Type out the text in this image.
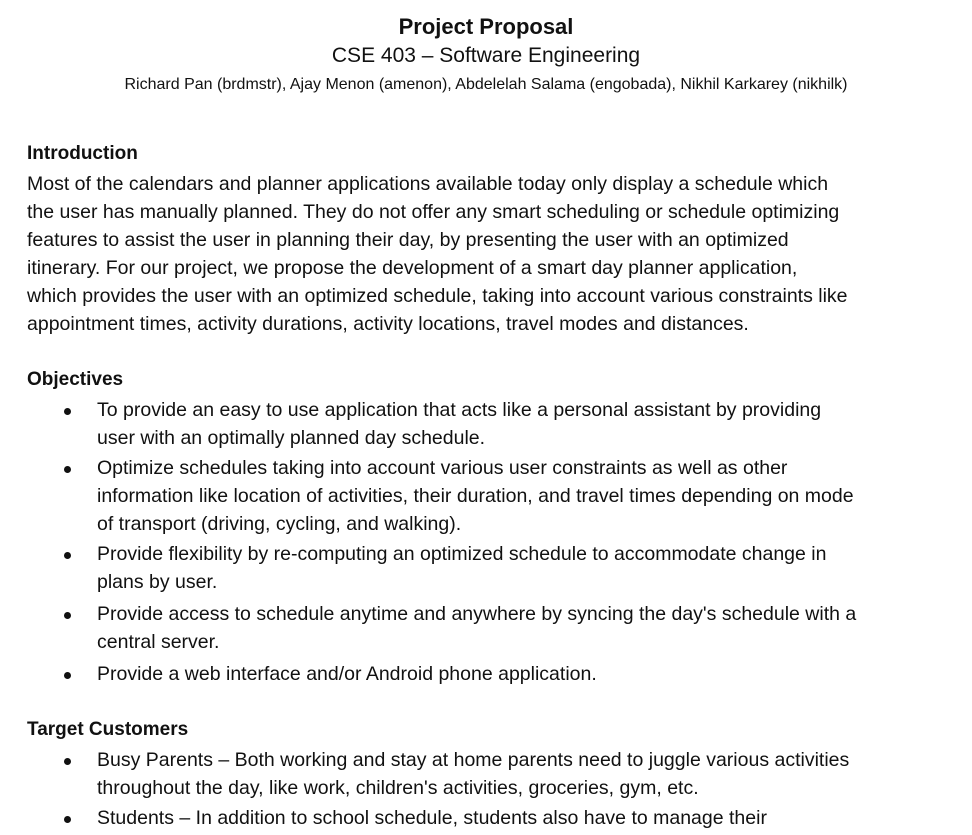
Project Proposal
CSE 403 – Software Engineering
Richard Pan (brdmstr), Ajay Menon (amenon), Abdelelah Salama (engobada), Nikhil Karkarey (nikhilk)
Introduction

Most of the calendars and planner applications available today only display a schedule which
the user has manually planned. They do not offer any smart scheduling or schedule optimizing
features to assist the user in planning their day, by presenting the user with an optimized
itinerary. For our project, we propose the development of a smart day planner application,
which provides the user with an optimized schedule, taking into account various constraints like
appointment times, activity durations, activity locations, travel modes and distances.

Objectives
To provide an easy to use application that acts like a personal assistant by providing
user with an optimally planned day schedule.
Optimize schedules taking into account various user constraints as well as other
information like location of activities, their duration, and travel times depending on mode
of transport (driving, cycling, and walking).
Provide flexibility by re-computing an optimized schedule to accommodate change in
plans by user.
Provide access to schedule anytime and anywhere by syncing the day's schedule with a
central server.
Provide a web interface and/or Android phone application.
Target Customers
Busy Parents – Both working and stay at home parents need to juggle various activities
throughout the day, like work, children's activities, groceries, gym, etc.
Students – In addition to school schedule, students also have to manage their
